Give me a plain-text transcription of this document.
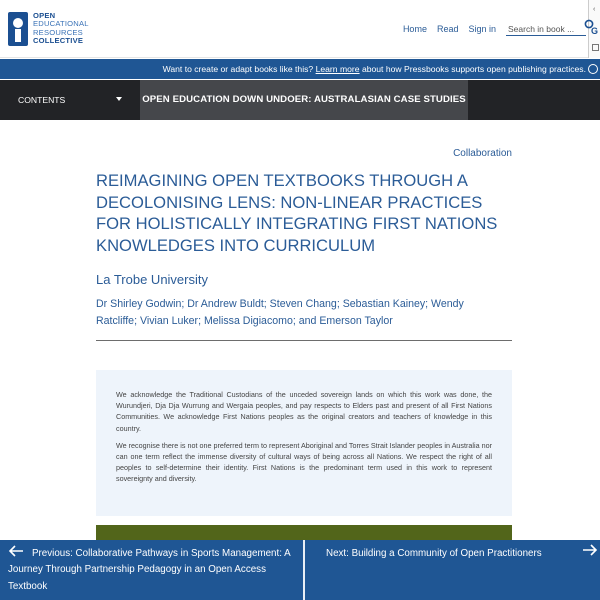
OPEN
EDUCATIONAL
RESOURCES
COLLECTIVE
Home Read Sign in
Search in book ...
‹
G
Want to create or adapt books like this? Learn more about how Pressbooks supports open publishing practices.
CONTENTS	OPEN EDUCATION DOWN UNDOER: AUSTRALASIAN CASE STUDIES
Collaboration
REIMAGINING OPEN TEXTBOOKS THROUGH A DECOLONISING LENS: NON-LINEAR PRACTICES FOR HOLISTICALLY INTEGRATING FIRST NATIONS KNOWLEDGES INTO CURRICULUM
La Trobe University
Dr Shirley Godwin; Dr Andrew Buldt; Steven Chang; Sebastian Kainey; Wendy Ratcliffe; Vivian Luker; Melissa Digiacomo; and Emerson Taylor

We acknowledge the Traditional Custodians of the unceded sovereign lands on which this work was done, the Wurundjeri, Dja Dja Wurrung and Wergaia peoples, and pay respects to Elders past and present of all First Nations Communities. We acknowledge First Nations peoples as the original creators and teachers of knowledge in this country.

We recognise there is not one preferred term to represent Aboriginal and Torres Strait Islander peoples in Australia nor can one term reflect the immense diversity of cultural ways of being across all Nations. We respect the right of all peoples to self-determine their identity. First Nations is the predominant term used in this work to represent sovereignty and diversity.

Previous: Collaborative Pathways in Sports Management: A Journey Through Partnership Pedagogy in an Open Access Textbook
Next: Building a Community of Open Practitioners
